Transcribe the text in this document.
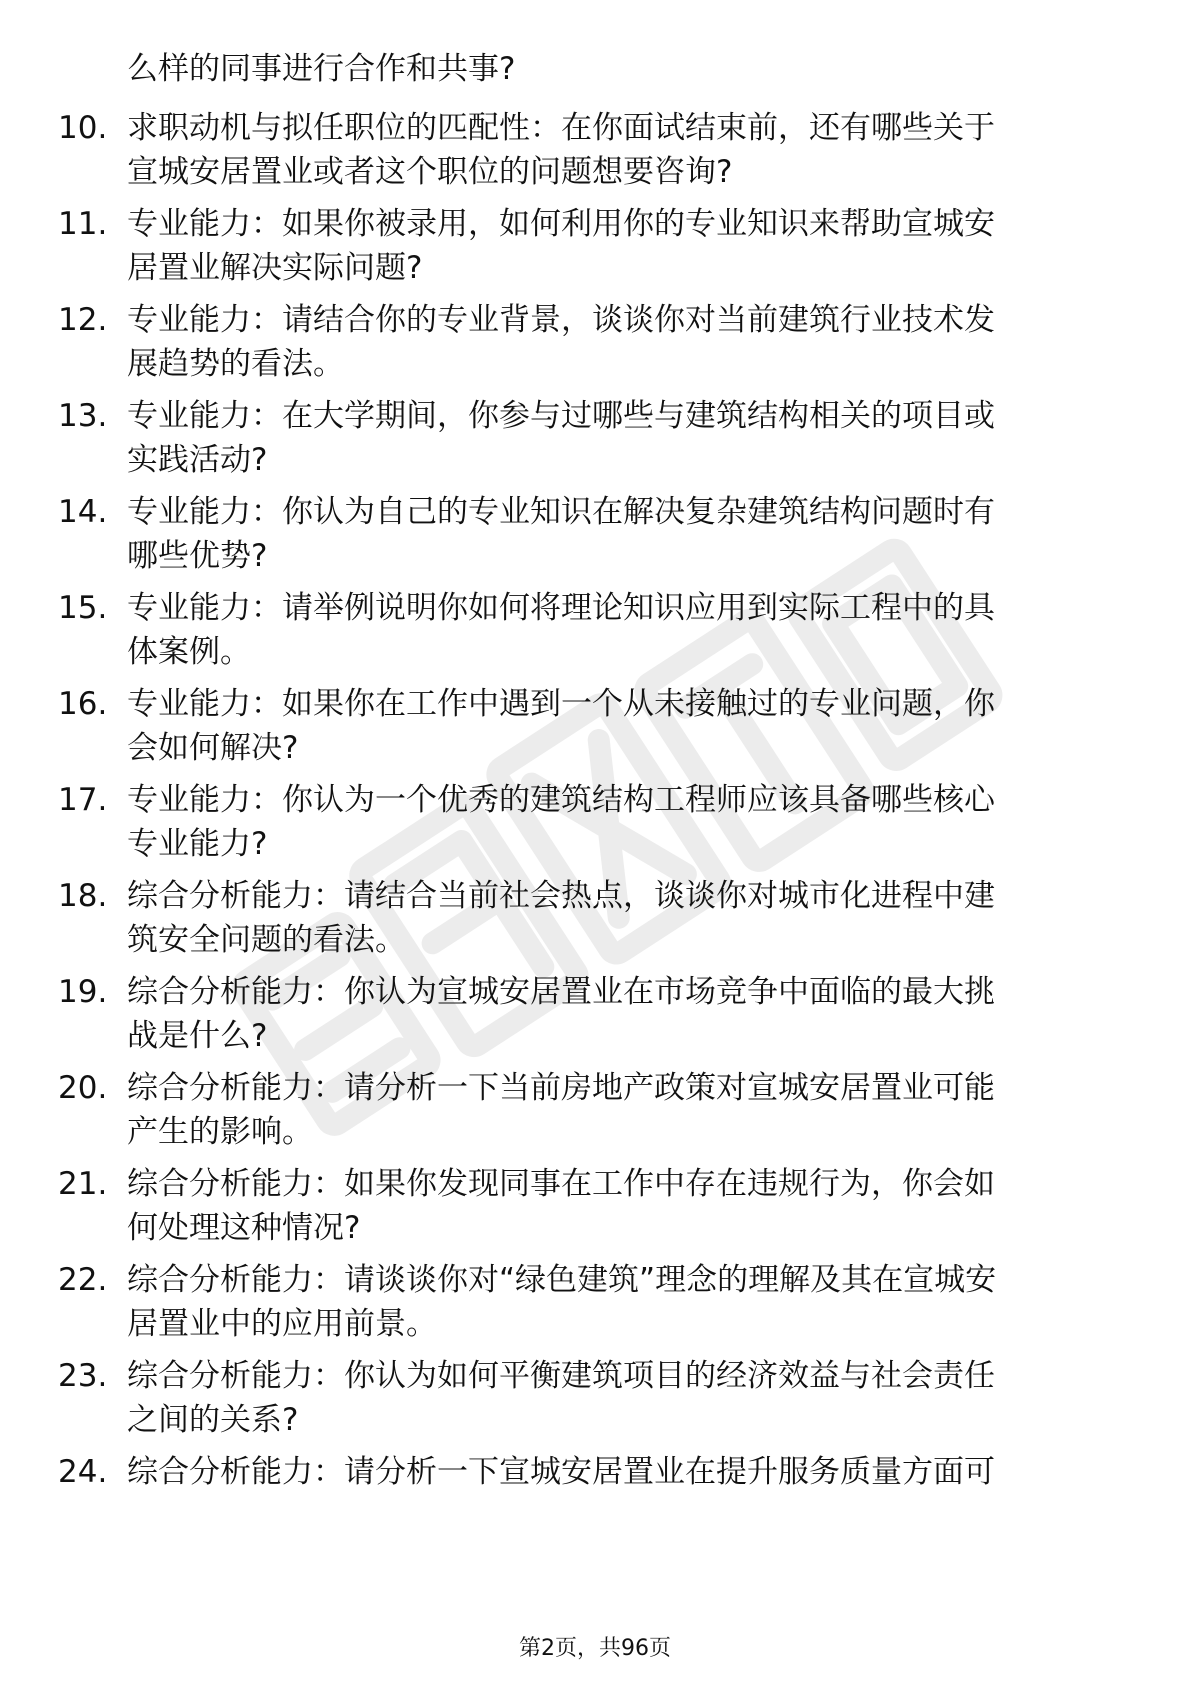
么样的同事进行合作和共事?
10. 求职动机与拟任职位的匹配性：在你面试结束前，还有哪些关于
宣城安居置业或者这个职位的问题想要咨询?
11. 专业能力：如果你被录用，如何利用你的专业知识来帮助宣城安
居置业解决实际问题?
12. 专业能力：请结合你的专业背景，谈谈你对当前建筑行业技术发
展趋势的看法。
13. 专业能力：在大学期间，你参与过哪些与建筑结构相关的项目或
实践活动?
14. 专业能力：你认为自己的专业知识在解决复杂建筑结构问题时有
哪些优势?
15. 专业能力：请举例说明你如何将理论知识应用到实际工程中的具
体案例。
16. 专业能力：如果你在工作中遇到一个从未接触过的专业问题，你
会如何解决?
17. 专业能力：你认为一个优秀的建筑结构工程师应该具备哪些核心
专业能力?
18. 综合分析能力：请结合当前社会热点，谈谈你对城市化进程中建
筑安全问题的看法。
19. 综合分析能力：你认为宣城安居置业在市场竞争中面临的最大挑
战是什么?
20. 综合分析能力：请分析一下当前房地产政策对宣城安居置业可能
产生的影响。
21. 综合分析能力：如果你发现同事在工作中存在违规行为，你会如
何处理这种情况?
22. 综合分析能力：请谈谈你对“绿色建筑”理念的理解及其在宣城安
居置业中的应用前景。
23. 综合分析能力：你认为如何平衡建筑项目的经济效益与社会责任
之间的关系?
24. 综合分析能力：请分析一下宣城安居置业在提升服务质量方面可
第2页，共96页
